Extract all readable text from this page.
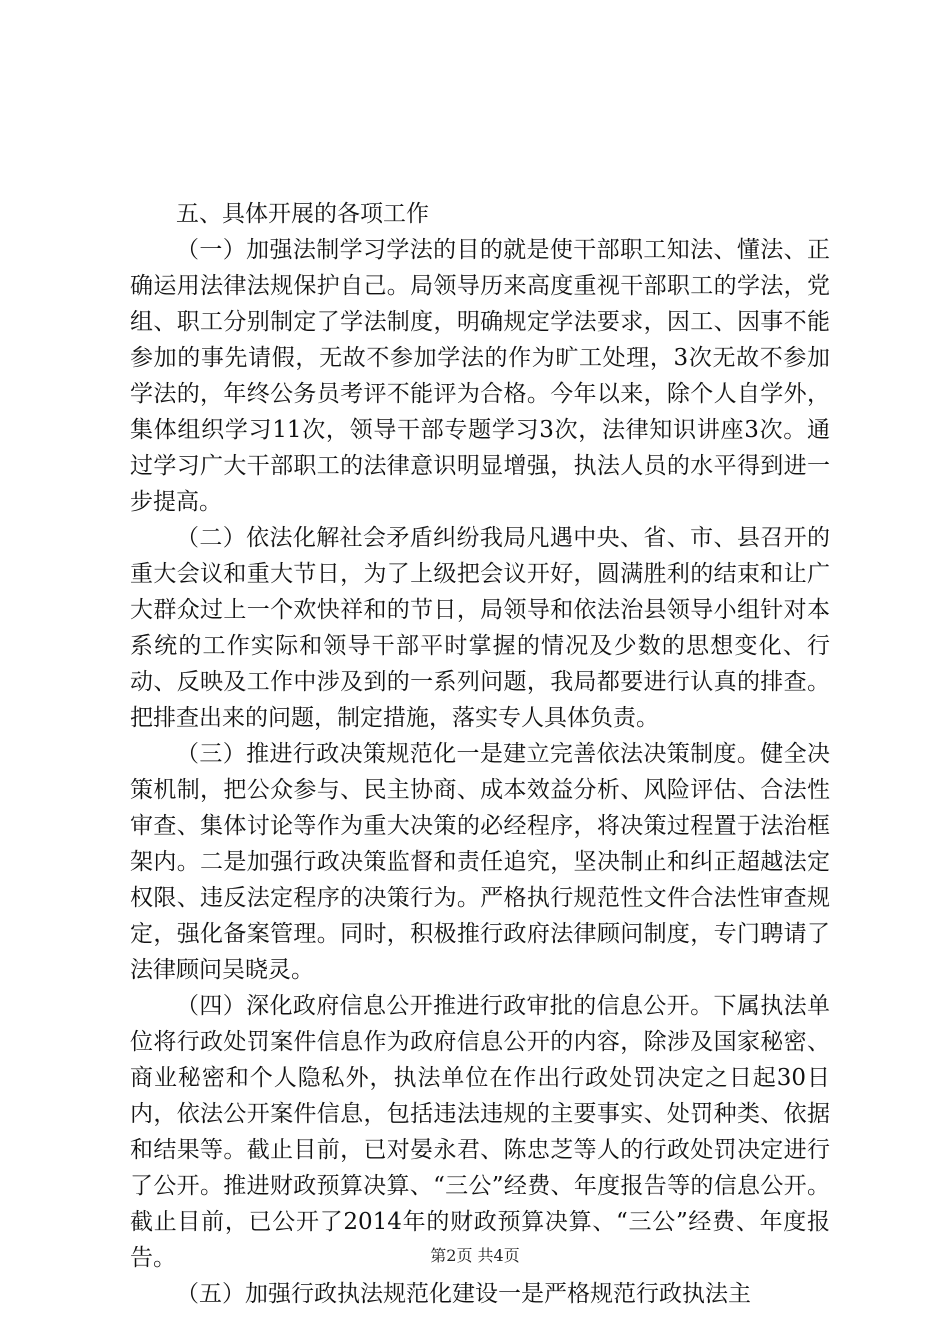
五、具体开展的各项工作

（一）加强法制学习学法的目的就是使干部职工知法、懂法、正确运用法律法规保护自己。局领导历来高度重视干部职工的学法，党组、职工分别制定了学法制度，明确规定学法要求，因工、因事不能参加的事先请假，无故不参加学法的作为旷工处理，3次无故不参加学法的，年终公务员考评不能评为合格。今年以来，除个人自学外，集体组织学习11次，领导干部专题学习3次，法律知识讲座3次。通过学习广大干部职工的法律意识明显增强，执法人员的水平得到进一步提高。

（二）依法化解社会矛盾纠纷我局凡遇中央、省、市、县召开的重大会议和重大节日，为了上级把会议开好，圆满胜利的结束和让广大群众过上一个欢快祥和的节日，局领导和依法治县领导小组针对本系统的工作实际和领导干部平时掌握的情况及少数的思想变化、行动、反映及工作中涉及到的一系列问题，我局都要进行认真的排查。把排查出来的问题，制定措施，落实专人具体负责。

（三）推进行政决策规范化一是建立完善依法决策制度。健全决策机制，把公众参与、民主协商、成本效益分析、风险评估、合法性审查、集体讨论等作为重大决策的必经程序，将决策过程置于法治框架内。二是加强行政决策监督和责任追究，坚决制止和纠正超越法定权限、违反法定程序的决策行为。严格执行规范性文件合法性审查规定，强化备案管理。同时，积极推行政府法律顾问制度，专门聘请了法律顾问吴晓灵。

（四）深化政府信息公开推进行政审批的信息公开。下属执法单位将行政处罚案件信息作为政府信息公开的内容，除涉及国家秘密、商业秘密和个人隐私外，执法单位在作出行政处罚决定之日起30日内，依法公开案件信息，包括违法违规的主要事实、处罚种类、依据和结果等。截止目前，已对晏永君、陈忠芝等人的行政处罚决定进行了公开。推进财政预算决算、“三公”经费、年度报告等的信息公开。截止目前，已公开了2014年的财政预算决算、“三公”经费、年度报告。

（五）加强行政执法规范化建设一是严格规范行政执法主

第2页 共4页
